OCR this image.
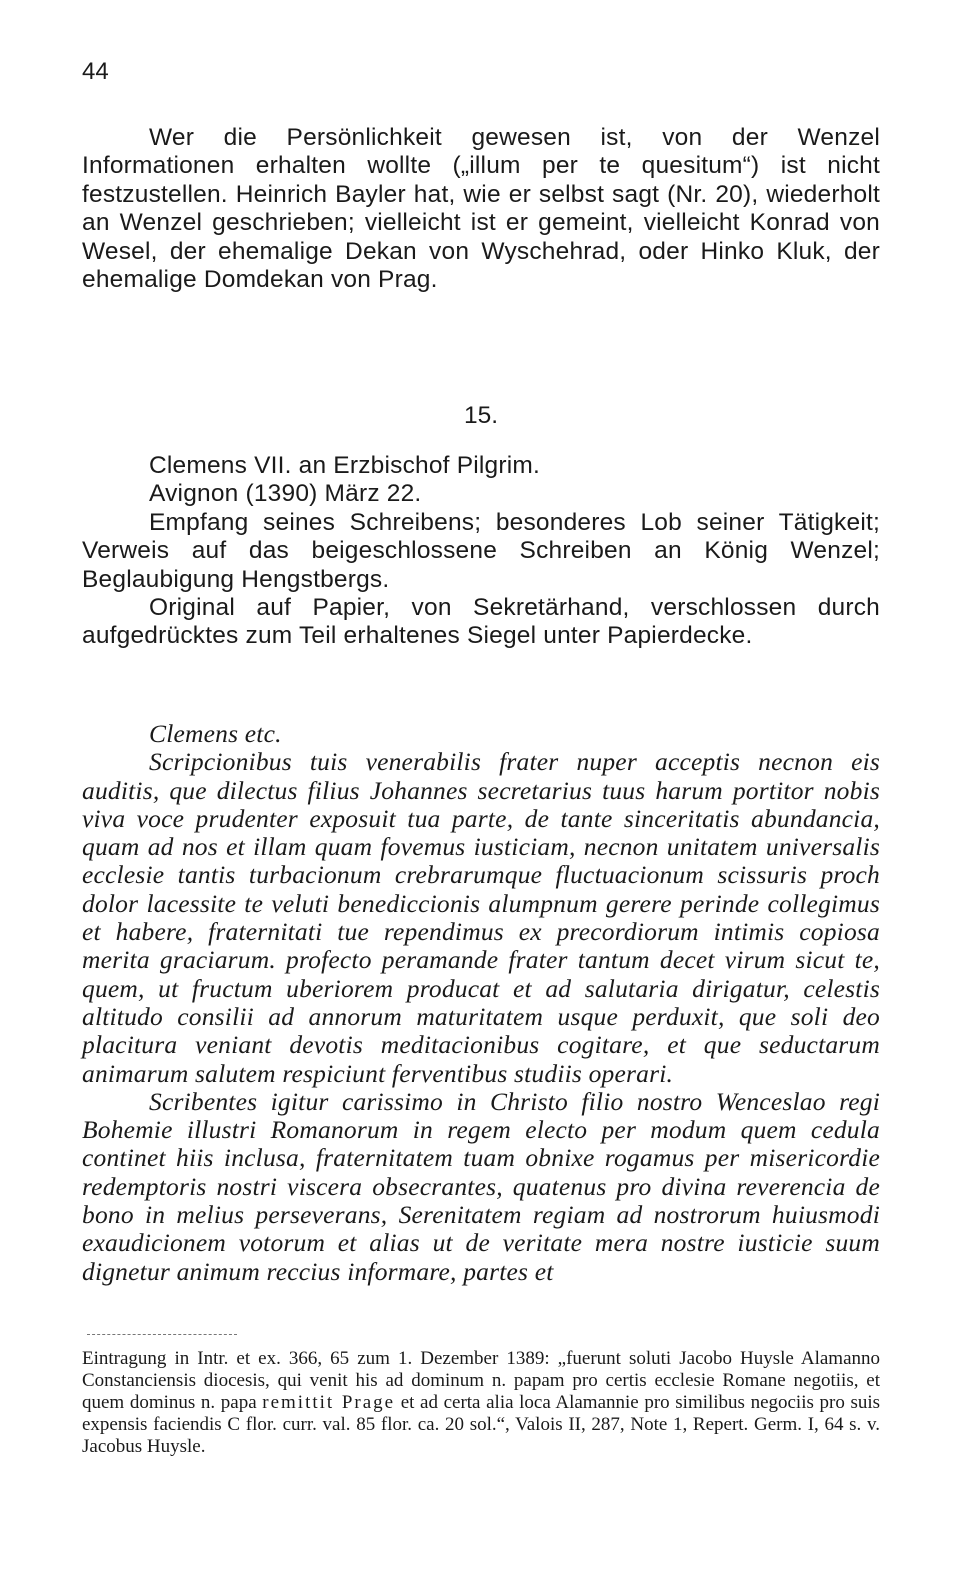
44

Wer die Persönlichkeit gewesen ist, von der Wenzel Informationen erhalten wollte („illum per te quesitum“) ist nicht festzustellen. Heinrich Bayler hat, wie er selbst sagt (Nr. 20), wiederholt an Wenzel geschrieben; vielleicht ist er gemeint, vielleicht Konrad von Wesel, der ehemalige Dekan von Wyschehrad, oder Hinko Kluk, der ehemalige Domdekan von Prag.

15.

Clemens VII. an Erzbischof Pilgrim.

Avignon (1390) März 22.

Empfang seines Schreibens; besonderes Lob seiner Tätigkeit; Verweis auf das beigeschlossene Schreiben an König Wenzel; Beglaubigung Hengstbergs.

Original auf Papier, von Sekretärhand, verschlossen durch aufgedrücktes zum Teil erhaltenes Siegel unter Papierdecke.

Clemens etc.

Scripcionibus tuis venerabilis frater nuper acceptis necnon eis auditis, que dilectus filius Johannes secretarius tuus harum portitor nobis viva voce prudenter exposuit tua parte, de tante sinceritatis abundancia, quam ad nos et illam quam fovemus iusticiam, necnon unitatem universalis ecclesie tantis turbacionum crebrarumque fluctuacionum scissuris proch dolor lacessite te veluti benediccionis alumpnum gerere perinde collegimus et habere, fraternitati tue rependimus ex precordiorum intimis copiosa merita graciarum. profecto peramande frater tantum decet virum sicut te, quem, ut fructum uberiorem producat et ad salutaria dirigatur, celestis altitudo consilii ad annorum maturitatem usque perduxit, que soli deo placitura veniant devotis meditacionibus cogitare, et que seductarum animarum salutem respiciunt ferventibus studiis operari.

Scribentes igitur carissimo in Christo filio nostro Wenceslao regi Bohemie illustri Romanorum in regem electo per modum quem cedula continet hiis inclusa, fraternitatem tuam obnixe rogamus per misericordie redemptoris nostri viscera obsecrantes, quatenus pro divina reverencia de bono in melius perseverans, Serenitatem regiam ad nostrorum huiusmodi exaudicionem votorum et alias ut de veritate mera nostre iusticie suum dignetur animum reccius informare, partes et

Eintragung in Intr. et ex. 366, 65 zum 1. Dezember 1389: „fuerunt soluti Jacobo Huysle Alamanno Constanciensis diocesis, qui venit his ad dominum n. papam pro certis ecclesie Romane negotiis, et quem dominus n. papa remittit Prage et ad certa alia loca Alamannie pro similibus negociis pro suis expensis faciendis C flor. curr. val. 85 flor. ca. 20 sol.“, Valois II, 287, Note 1, Repert. Germ. I, 64 s. v. Jacobus Huysle.
